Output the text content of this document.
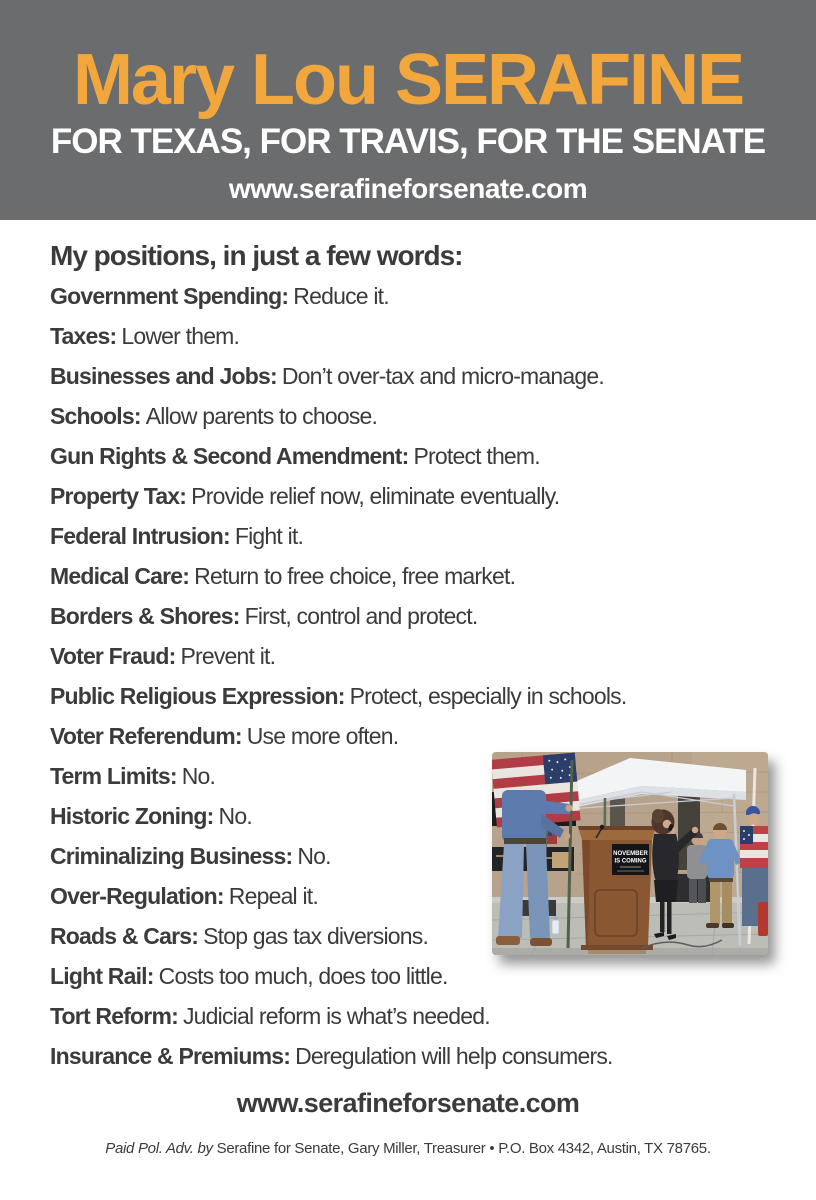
Mary Lou SERAFINE
FOR TEXAS, FOR TRAVIS, FOR THE SENATE
www.serafineforsenate.com
My positions, in just a few words:
Government Spending: Reduce it.
Taxes: Lower them.
Businesses and Jobs: Don’t over-tax and micro-manage.
Schools: Allow parents to choose.
Gun Rights & Second Amendment: Protect them.
Property Tax: Provide relief now, eliminate eventually.
Federal Intrusion: Fight it.
Medical Care: Return to free choice, free market.
Borders & Shores: First, control and protect.
Voter Fraud: Prevent it.
Public Religious Expression: Protect, especially in schools.
Voter Referendum: Use more often.
Term Limits: No.
Historic Zoning: No.
Criminalizing Business: No.
Over-Regulation: Repeal it.
Roads & Cars: Stop gas tax diversions.
Light Rail: Costs too much, does too little.
Tort Reform: Judicial reform is what’s needed.
Insurance & Premiums: Deregulation will help consumers.
NOVEMBER
IS COMING
www.serafineforsenate.com
Paid Pol. Adv. by Serafine for Senate, Gary Miller, Treasurer • P.O. Box 4342, Austin, TX 78765.
